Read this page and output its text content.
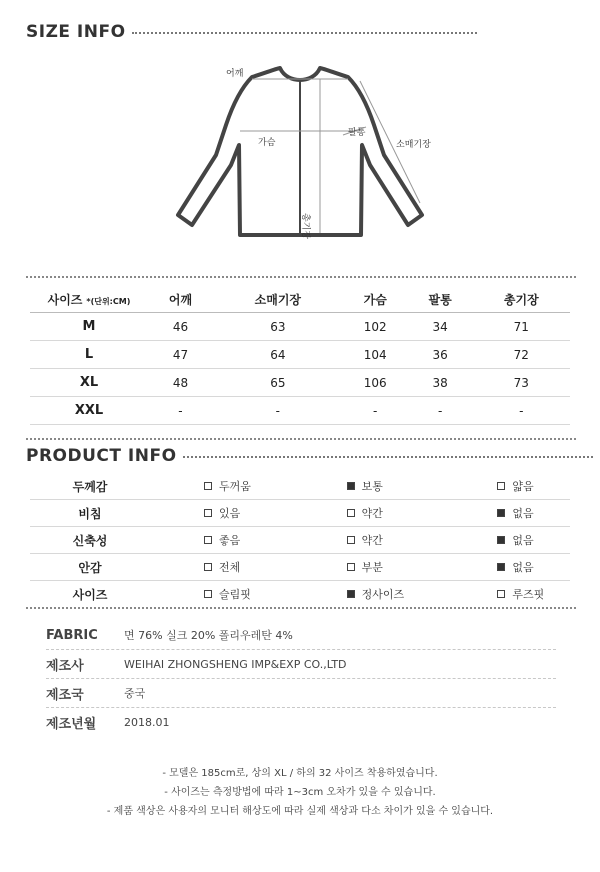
SIZE INFO
어깨
가슴
팔통
소매기장
총기장
사이즈 *(단위:CM)	어깨	소매기장	가슴	팔통	총기장
M	46	63	102	34	71
L	47	64	104	36	72
XL	48	65	106	38	73
XXL	-	-	-	-	-
PRODUCT INFO
두께감	두꺼움	보통	얇음
비침	있음	약간	없음
신축성	좋음	약간	없음
안감	전체	부분	없음
사이즈	슬림핏	정사이즈	루즈핏
FABRIC	면 76% 실크 20% 폴리우레탄 4%
제조사	WEIHAI ZHONGSHENG IMP&EXP CO.,LTD
제조국	중국
제조년월	2018.01
- 모델은 185cm로, 상의 XL / 하의 32 사이즈 착용하였습니다.
- 사이즈는 측정방법에 따라 1~3cm 오차가 있을 수 있습니다.
- 제품 색상은 사용자의 모니터 해상도에 따라 실제 색상과 다소 차이가 있을 수 있습니다.
